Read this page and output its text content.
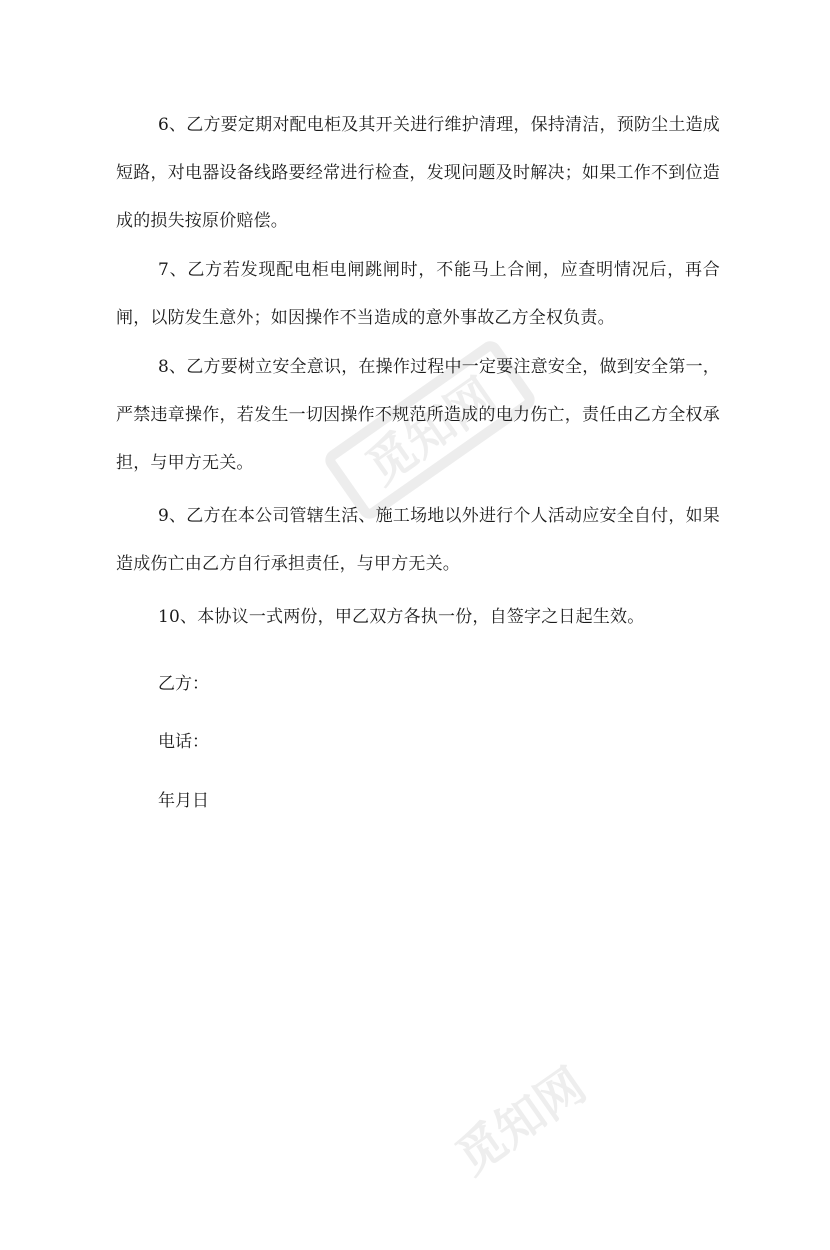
觅知网
觅知网

6、乙方要定期对配电柜及其开关进行维护清理，保持清洁，预防尘土造成短路，对电器设备线路要经常进行检查，发现问题及时解决；如果工作不到位造成的损失按原价赔偿。

7、乙方若发现配电柜电闸跳闸时，不能马上合闸，应查明情况后，再合闸，以防发生意外；如因操作不当造成的意外事故乙方全权负责。

8、乙方要树立安全意识，在操作过程中一定要注意安全，做到安全第一，严禁违章操作，若发生一切因操作不规范所造成的电力伤亡，责任由乙方全权承担，与甲方无关。

9、乙方在本公司管辖生活、施工场地以外进行个人活动应安全自付，如果造成伤亡由乙方自行承担责任，与甲方无关。

10、本协议一式两份，甲乙双方各执一份，自签字之日起生效。

乙方：

电话：

年月日
